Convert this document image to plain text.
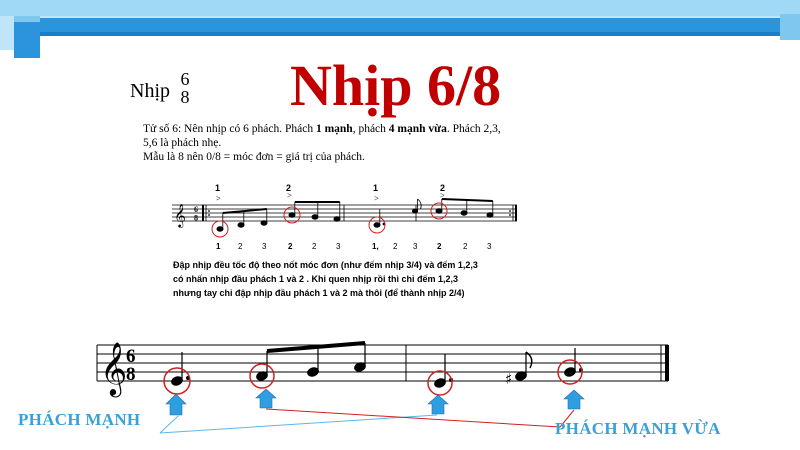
Nhịp
6
8 Nhịp 6/8

Tử số 6: Nên nhịp có 6 phách. Phách 1 mạnh, phách 4 mạnh vừa. Phách 2,3,

5,6 là phách nhẹ.

Mẫu là 8 nên 0/8 = móc đơn = giá trị của phách.

𝄞 6
8
1	2	1	2
>	>	>	>
1 2 3	2 2 3	1, 2 3 2	2 3
𝄞
6
8	♯

Đập nhịp đều tốc độ theo nốt móc đơn (như đếm nhịp 3/4) và đếm 1,2,3

có nhấn nhịp đầu phách 1 và 2 . Khi quen nhịp rồi thì chỉ đếm 1,2,3

nhưng tay chỉ đập nhịp đầu phách 1 và 2 mà thôi (để thành nhịp 2/4)

PHÁCH MẠNH	PHÁCH MẠNH VỪA
